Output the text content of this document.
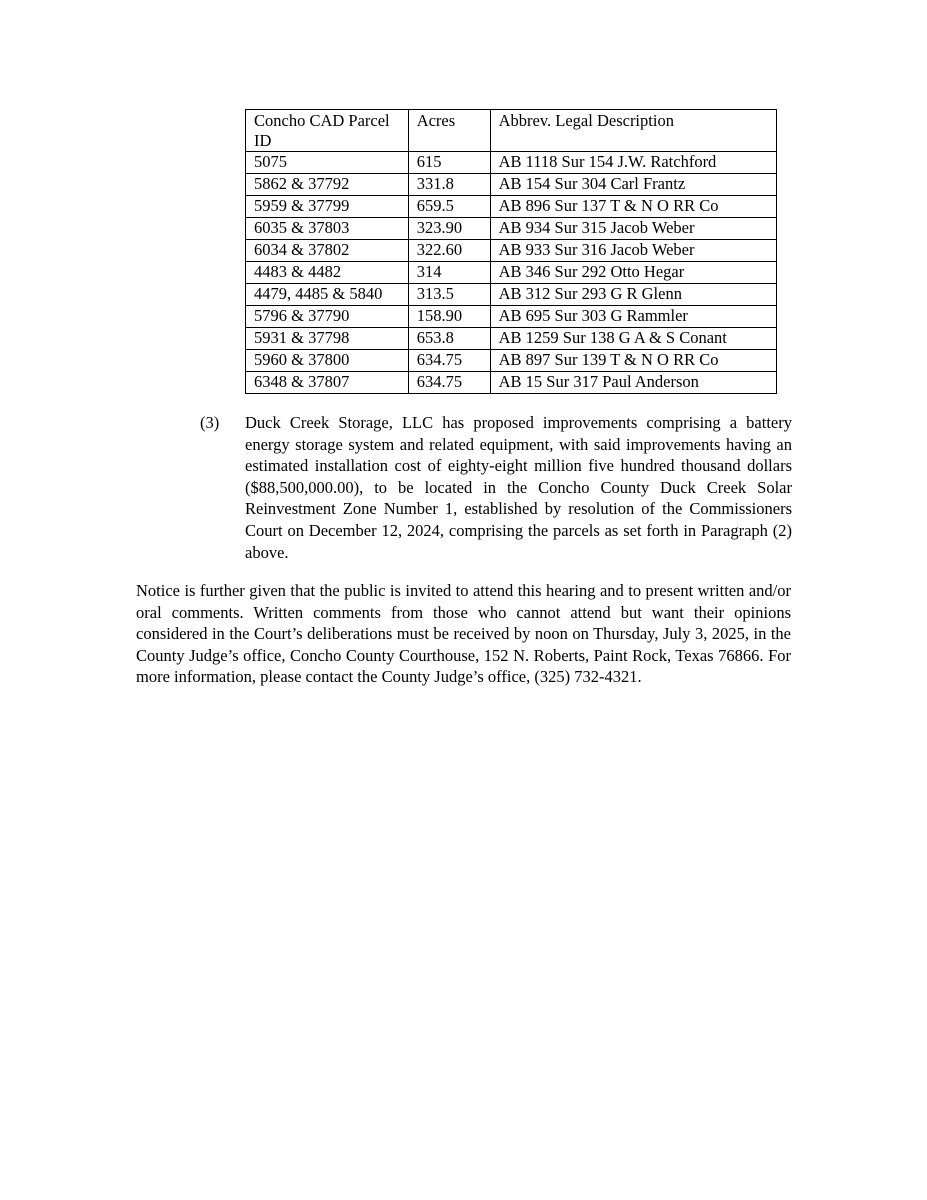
Concho CAD Parcel ID	Acres	Abbrev. Legal Description
5075	615	AB 1118 Sur 154 J.W. Ratchford
5862 & 37792	331.8	AB 154 Sur 304 Carl Frantz
5959 & 37799	659.5	AB 896 Sur 137 T & N O RR Co
6035 & 37803	323.90	AB 934 Sur 315 Jacob Weber
6034 & 37802	322.60	AB 933 Sur 316 Jacob Weber
4483 & 4482	314	AB 346 Sur 292 Otto Hegar
4479, 4485 & 5840	313.5	AB 312 Sur 293 G R Glenn
5796 & 37790	158.90	AB 695 Sur 303 G Rammler
5931 & 37798	653.8	AB 1259 Sur 138 G A & S Conant
5960 & 37800	634.75	AB 897 Sur 139 T & N O RR Co
6348 & 37807	634.75	AB 15 Sur 317 Paul Anderson
(3) Duck Creek Storage, LLC has proposed improvements comprising a battery energy storage system and related equipment, with said improvements having an estimated installation cost of eighty-eight million five hundred thousand dollars ($88,500,000.00), to be located in the Concho County Duck Creek Solar Reinvestment Zone Number 1, established by resolution of the Commissioners Court on December 12, 2024, comprising the parcels as set forth in Paragraph (2) above.
Notice is further given that the public is invited to attend this hearing and to present written and/or oral comments. Written comments from those who cannot attend but want their opinions considered in the Court’s deliberations must be received by noon on Thursday, July 3, 2025, in the County Judge’s office, Concho County Courthouse, 152 N. Roberts, Paint Rock, Texas 76866. For more information, please contact the County Judge’s office, (325) 732-4321.
